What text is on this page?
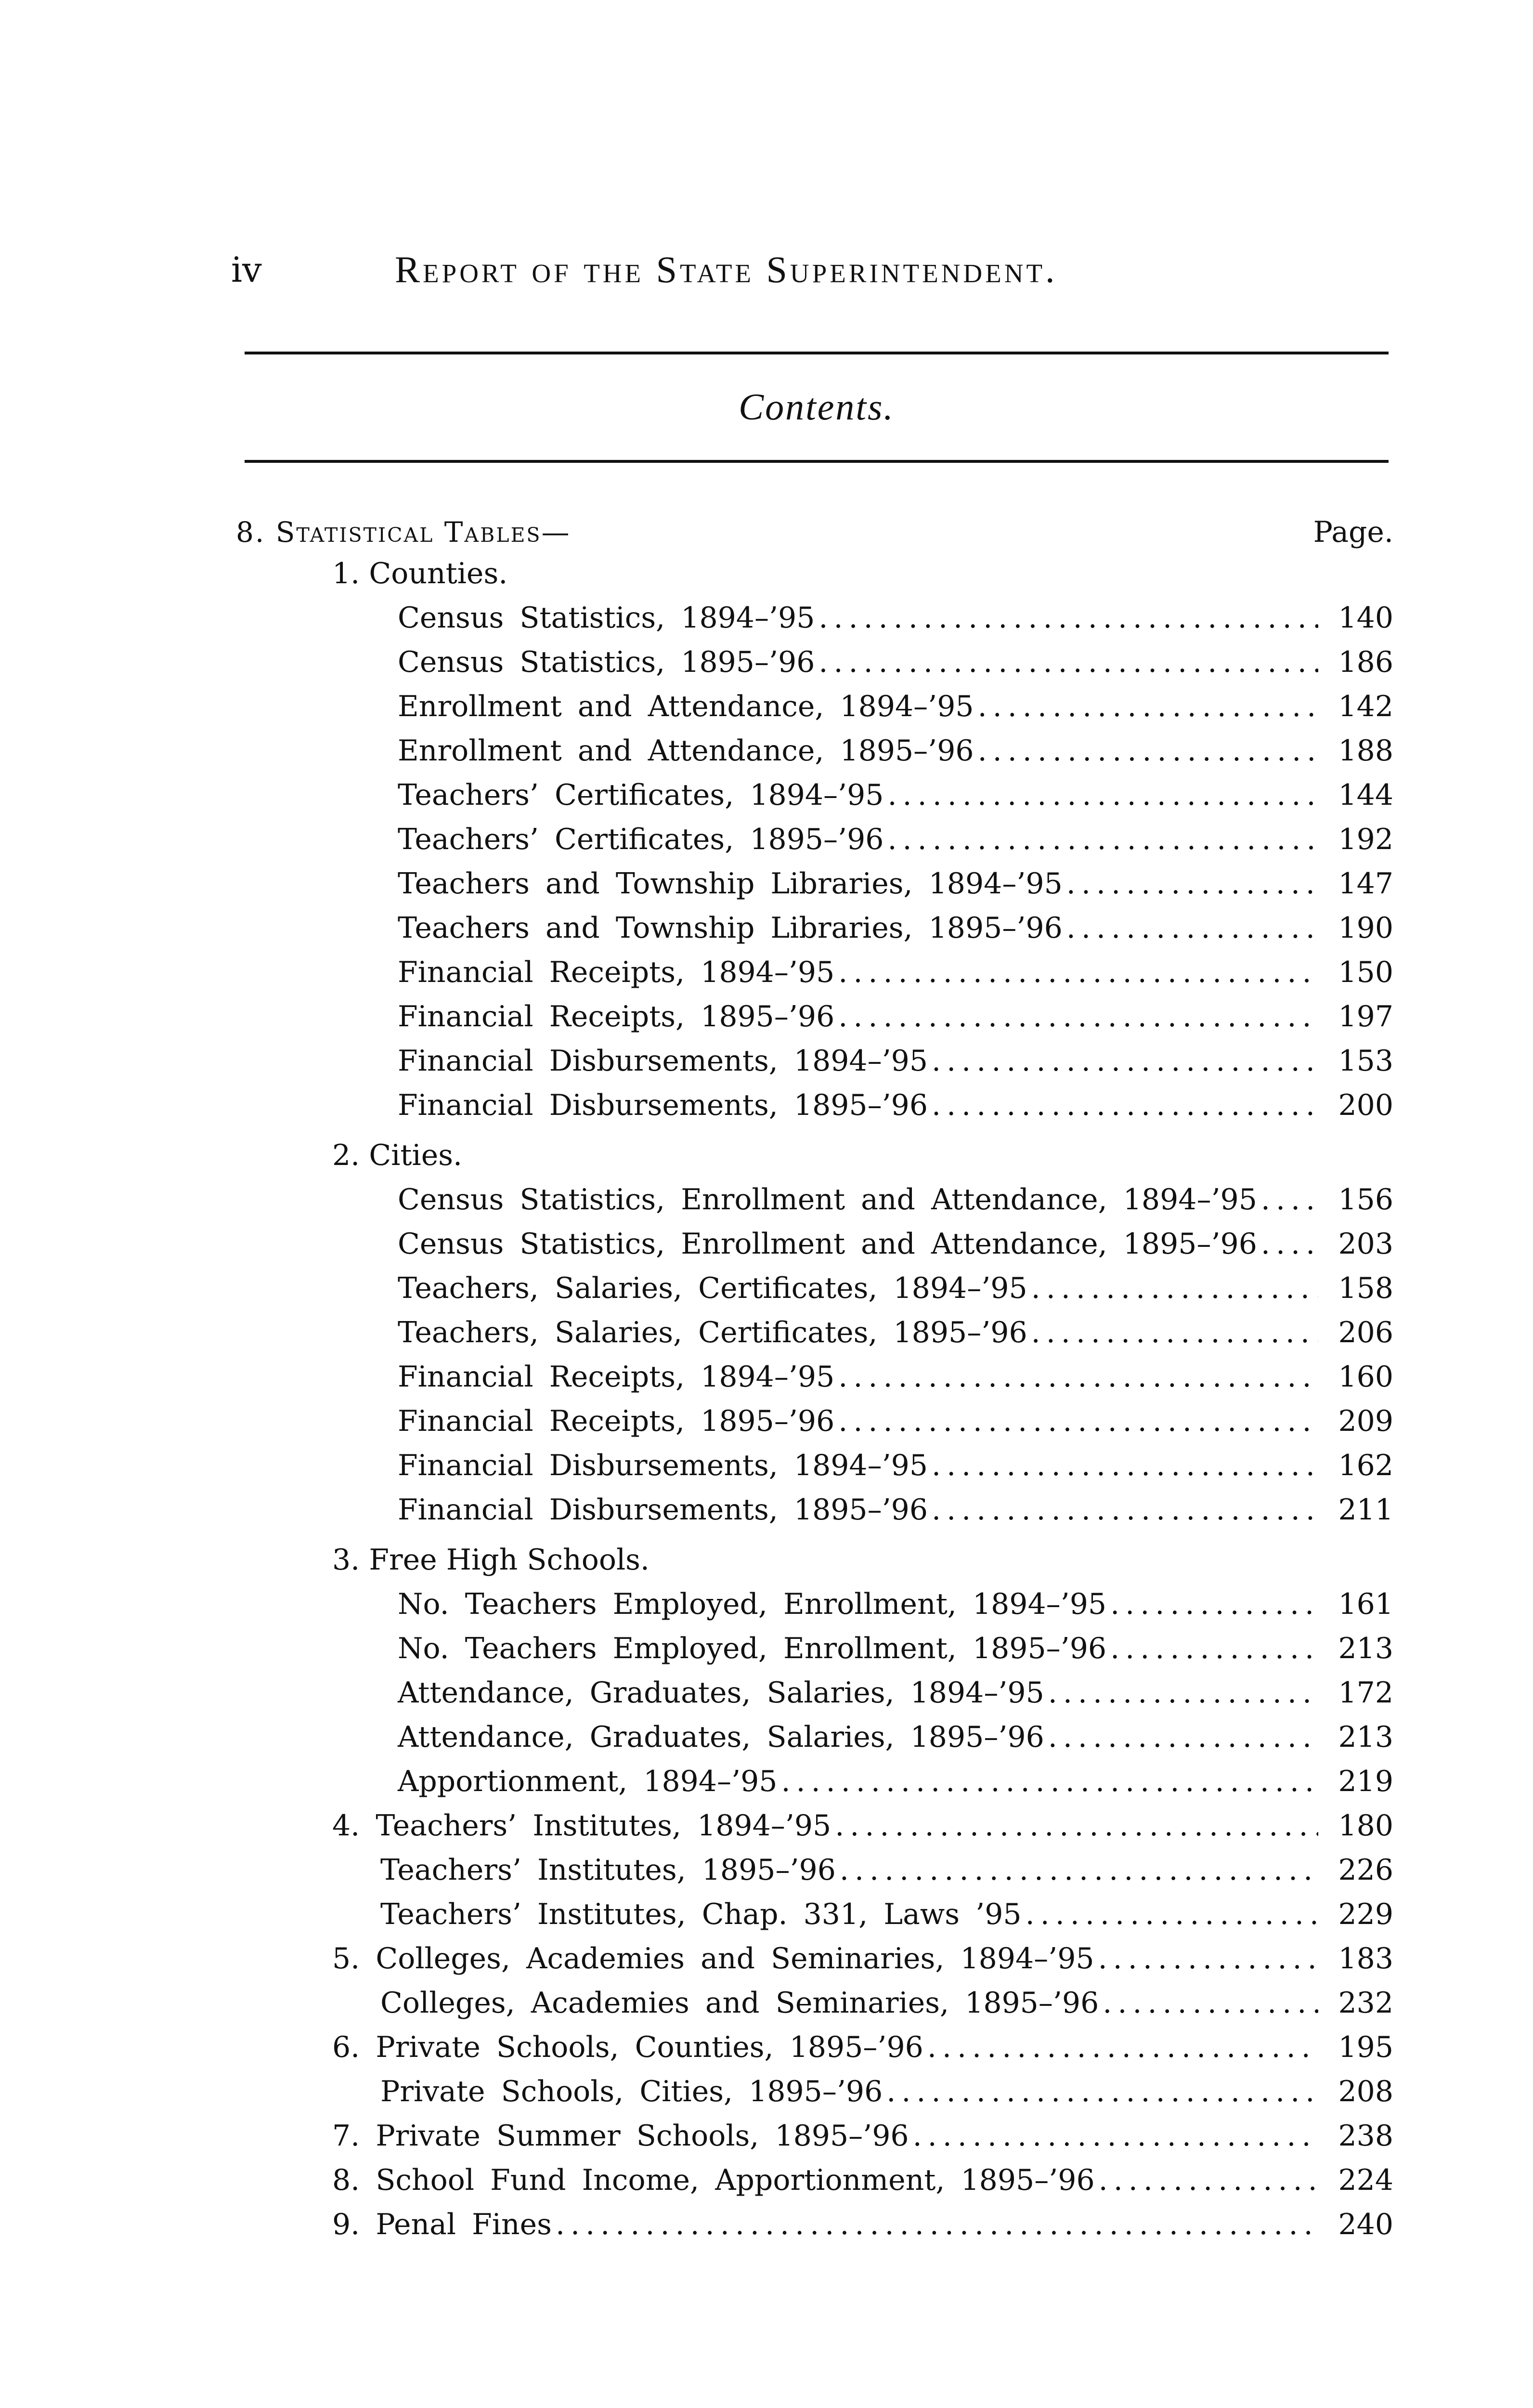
iv	Report of the State Superintendent.
Contents.
8. Statistical Tables—	Page.
1. Counties.
Census Statistics, 1894–’95 .....	140
Census Statistics, 1895–’96 .....	186
Enrollment and Attendance, 1894–’95 .....	142
Enrollment and Attendance, 1895–’96 .....	188
Teachers’ Certificates, 1894–’95 .....	144
Teachers’ Certificates, 1895–’96 .....	192
Teachers and Township Libraries, 1894–’95 .....	147
Teachers and Township Libraries, 1895–’96 .....	190
Financial Receipts, 1894–’95 .....	150
Financial Receipts, 1895–’96 .....	197
Financial Disbursements, 1894–’95 .....	153
Financial Disbursements, 1895–’96 .....	200
2. Cities.
Census Statistics, Enrollment and Attendance, 1894–’95 .....	156
Census Statistics, Enrollment and Attendance, 1895–’96 .....	203
Teachers, Salaries, Certificates, 1894–’95 .....	158
Teachers, Salaries, Certificates, 1895–’96 .....	206
Financial Receipts, 1894–’95 .....	160
Financial Receipts, 1895–’96 .....	209
Financial Disbursements, 1894–’95 .....	162
Financial Disbursements, 1895–’96 .....	211
3. Free High Schools.
No. Teachers Employed, Enrollment, 1894–’95 .....	161
No. Teachers Employed, Enrollment, 1895–’96 .....	213
Attendance, Graduates, Salaries, 1894–’95 .....	172
Attendance, Graduates, Salaries, 1895–’96 .....	213
Apportionment, 1894–’95 .....	219
4. Teachers’ Institutes, 1894–’95 .....	180
Teachers’ Institutes, 1895–’96 .....	226
Teachers’ Institutes, Chap. 331, Laws ’95 .....	229
5. Colleges, Academies and Seminaries, 1894–’95 .....	183
Colleges, Academies and Seminaries, 1895–’96 .....	232
6. Private Schools, Counties, 1895–’96 .....	195
Private Schools, Cities, 1895–’96 .....	208
7. Private Summer Schools, 1895–’96 .....	238
8. School Fund Income, Apportionment, 1895–’96 .....	224
9. Penal Fines .....	240
